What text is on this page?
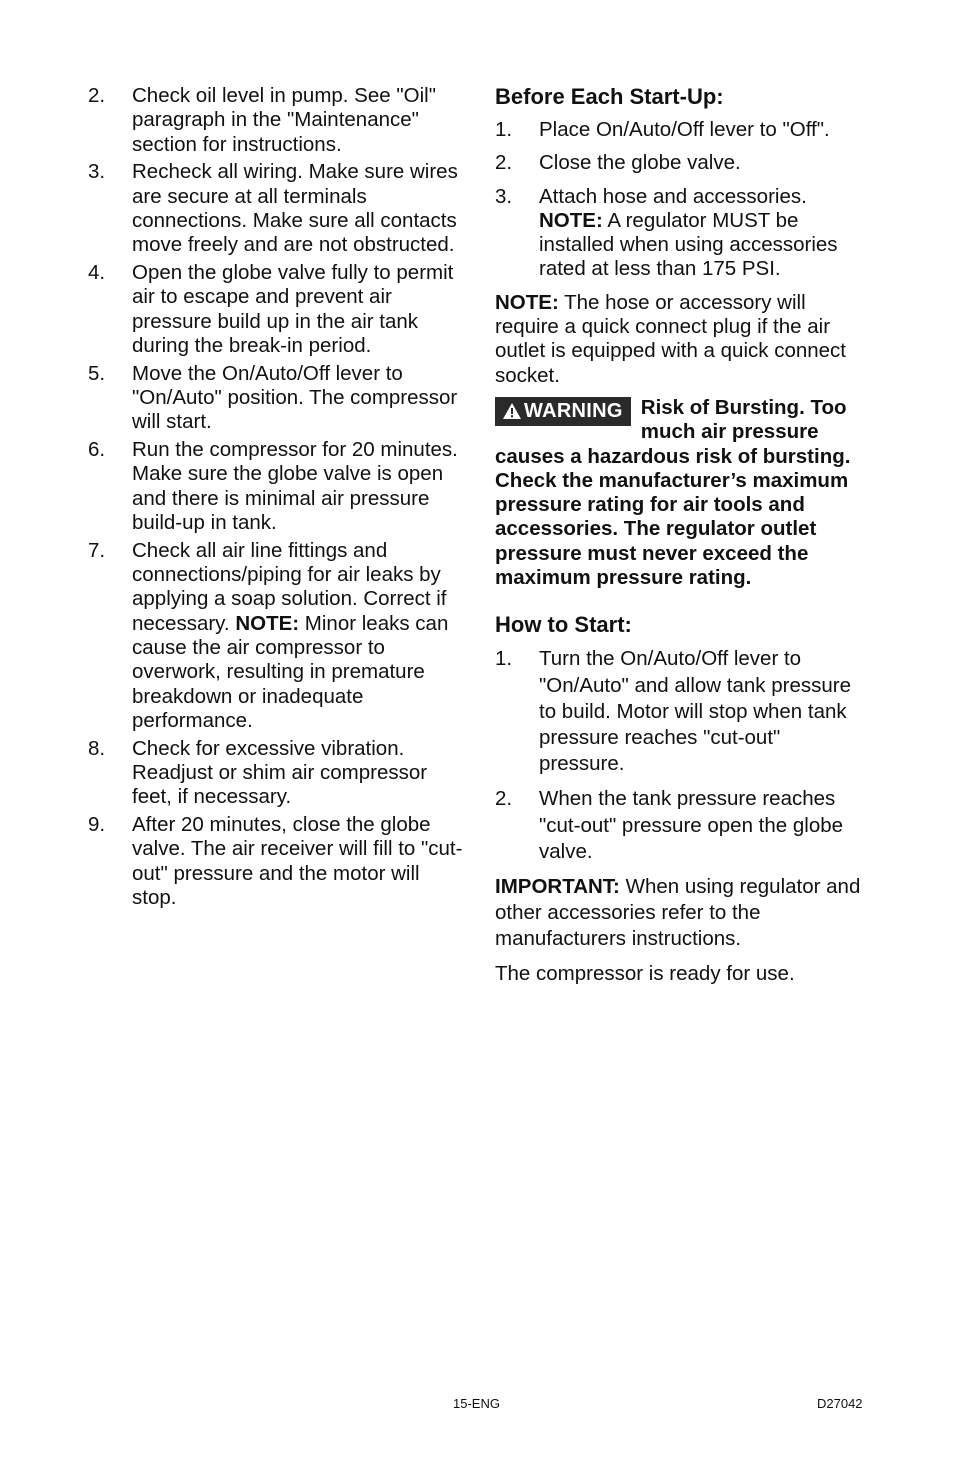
2.	Check oil level in pump. See "Oil" paragraph in the "Maintenance" section for instructions.
3.	Recheck all wiring. Make sure wires are secure at all terminals connections. Make sure all contacts move freely and are not obstructed.
4.	Open the globe valve fully to permit air to escape and prevent air pressure build up in the air tank during the break-in period.
5.	Move the On/Auto/Off lever to "On/Auto" position. The compressor will start.
6.	Run the compressor for 20 minutes. Make sure the globe valve is open and there is minimal air pressure build-up in tank.
7.	Check all air line fittings and connections/piping for air leaks by applying a soap solution. Correct if necessary. NOTE: Minor leaks can cause the air compressor to overwork, resulting in premature breakdown or inadequate performance.
8.	Check for excessive vibration. Readjust or shim air compressor feet, if necessary.
9.	After 20 minutes, close the globe valve. The air receiver will fill to "cut-out" pressure and the motor will stop.
Before Each Start-Up:
1.	Place On/Auto/Off lever to "Off".
2.	Close the globe valve.
3.	Attach hose and accessories. NOTE: A regulator MUST be installed when using accessories rated at less than 175 PSI.

NOTE: The hose or accessory will require a quick connect plug if the air outlet is equipped with a quick connect socket.

WARNING Risk of Bursting. Too much air pressure causes a hazardous risk of bursting. Check the manufacturer’s maximum pressure rating for air tools and accessories. The regulator outlet pressure must never exceed the maximum pressure rating.
How to Start:
1.	Turn the On/Auto/Off lever to "On/Auto" and allow tank pressure to build. Motor will stop when tank pressure reaches "cut-out" pressure.
2.	When the tank pressure reaches "cut-out" pressure open the globe valve.

IMPORTANT: When using regulator and other accessories refer to the manufacturers instructions.

The compressor is ready for use.

15-ENG	D27042
